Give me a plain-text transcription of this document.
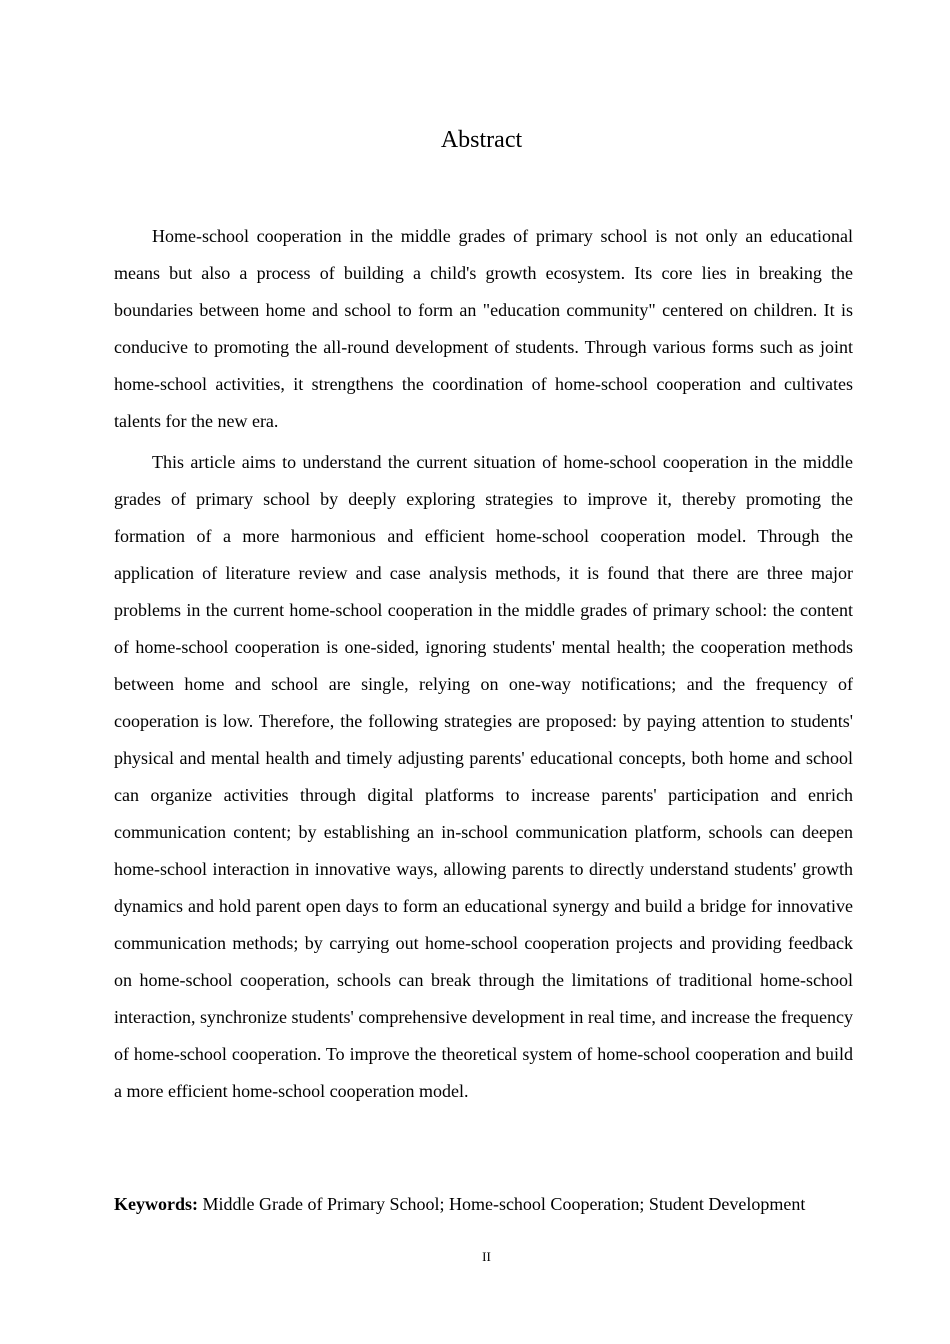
Abstract

Home-school cooperation in the middle grades of primary school is not only an educational means but also a process of building a child's growth ecosystem. Its core lies in breaking the boundaries between home and school to form an "education community" centered on children. It is conducive to promoting the all-round development of students. Through various forms such as joint home-school activities, it strengthens the coordination of home-school cooperation and cultivates talents for the new era.

This article aims to understand the current situation of home-school cooperation in the middle grades of primary school by deeply exploring strategies to improve it, thereby promoting the formation of a more harmonious and efficient home-school cooperation model. Through the application of literature review and case analysis methods, it is found that there are three major problems in the current home-school cooperation in the middle grades of primary school: the content of home-school cooperation is one-sided, ignoring students' mental health; the cooperation methods between home and school are single, relying on one-way notifications; and the frequency of cooperation is low. Therefore, the following strategies are proposed: by paying attention to students' physical and mental health and timely adjusting parents' educational concepts, both home and school can organize activities through digital platforms to increase parents' participation and enrich communication content; by establishing an in-school communication platform, schools can deepen home-school interaction in innovative ways, allowing parents to directly understand students' growth dynamics and hold parent open days to form an educational synergy and build a bridge for innovative communication methods; by carrying out home-school cooperation projects and providing feedback on home-school cooperation, schools can break through the limitations of traditional home-school interaction, synchronize students' comprehensive development in real time, and increase the frequency of home-school cooperation. To improve the theoretical system of home-school cooperation and build a more efficient home-school cooperation model.

Keywords: Middle Grade of Primary School; Home-school Cooperation; Student Development

II
